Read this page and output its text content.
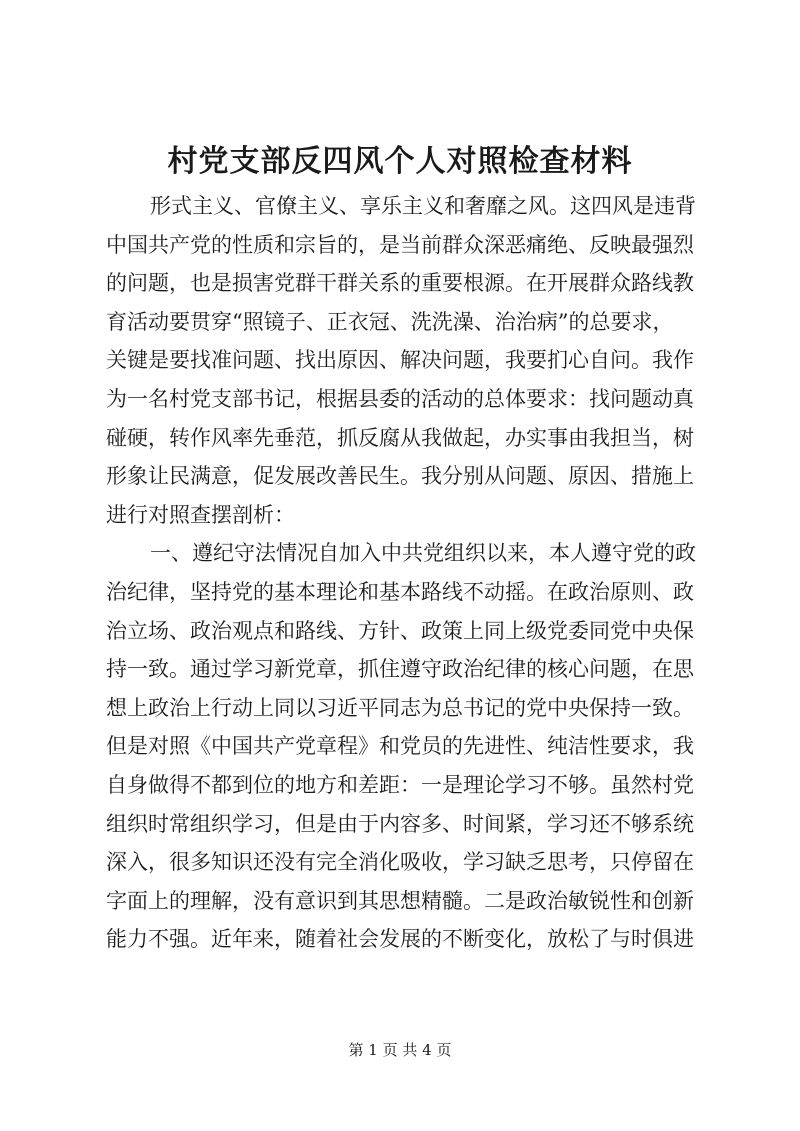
村党支部反四风个人对照检查材料
形式主义、官僚主义、享乐主义和奢靡之风。这四风是违背
中国共产党的性质和宗旨的，是当前群众深恶痛绝、反映最强烈
的问题，也是损害党群干群关系的重要根源。在开展群众路线教
育活动要贯穿“照镜子、正衣冠、洗洗澡、治治病”的总要求，
关键是要找准问题、找出原因、解决问题，我要扪心自问。我作
为一名村党支部书记，根据县委的活动的总体要求：找问题动真
碰硬，转作风率先垂范，抓反腐从我做起，办实事由我担当，树
形象让民满意，促发展改善民生。我分别从问题、原因、措施上
进行对照查摆剖析：
一、遵纪守法情况自加入中共党组织以来，本人遵守党的政
治纪律，坚持党的基本理论和基本路线不动摇。在政治原则、政
治立场、政治观点和路线、方针、政策上同上级党委同党中央保
持一致。通过学习新党章，抓住遵守政治纪律的核心问题，在思
想上政治上行动上同以习近平同志为总书记的党中央保持一致。
但是对照《中国共产党章程》和党员的先进性、纯洁性要求，我
自身做得不都到位的地方和差距：一是理论学习不够。虽然村党
组织时常组织学习，但是由于内容多、时间紧，学习还不够系统
深入，很多知识还没有完全消化吸收，学习缺乏思考，只停留在
字面上的理解，没有意识到其思想精髓。二是政治敏锐性和创新
能力不强。近年来，随着社会发展的不断变化，放松了与时俱进
第 1 页 共 4 页
